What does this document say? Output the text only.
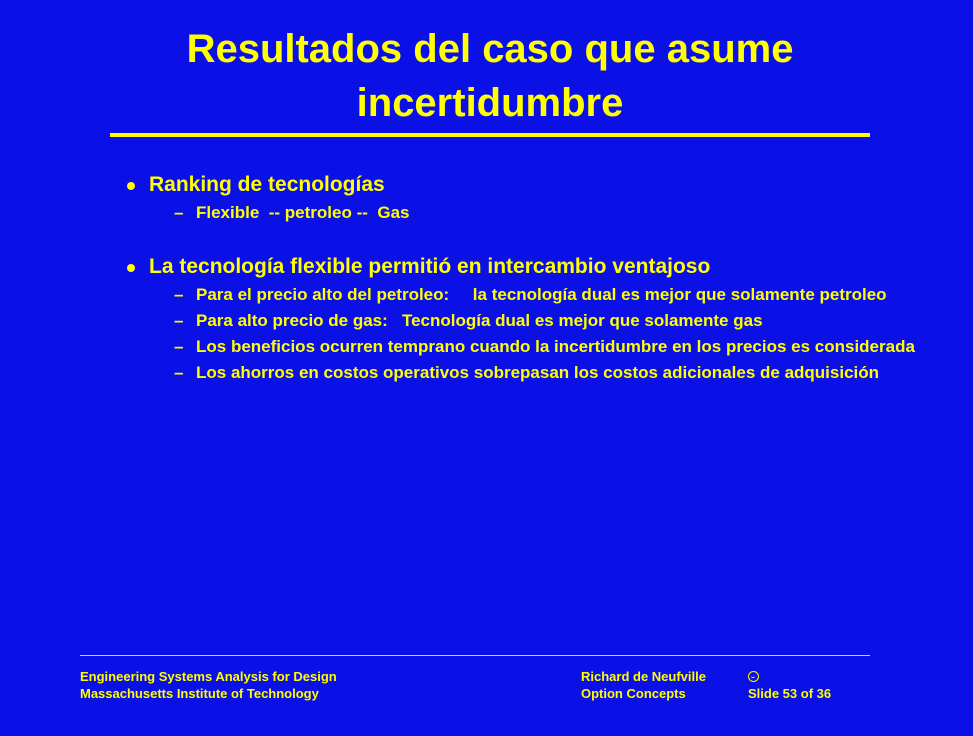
Resultados del caso que asume incertidumbre
Ranking de tecnologías
– Flexible  -- petroleo --  Gas
La tecnología flexible permitió en intercambio ventajoso
– Para el precio alto del petroleo:     la tecnología dual es mejor que solamente petroleo
– Para alto precio de gas:   Tecnología dual es mejor que solamente gas
– Los beneficios ocurren temprano cuando la incertidumbre en los precios es considerada
– Los ahorros en costos operativos sobrepasan los costos adicionales de adquisición
Engineering Systems Analysis for Design
Massachusetts Institute of Technology
Richard de Neufville
Option Concepts	Slide 53 of 36
